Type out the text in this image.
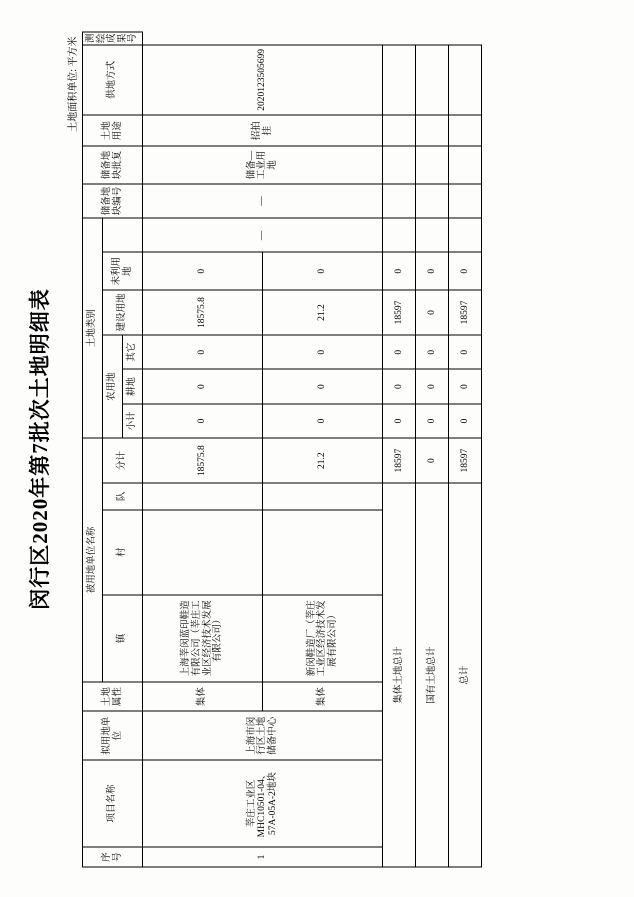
闵行区2020年第7批次土地明细表
土地面积单位: 平方米
序号	项目名称	拟用地单位	土地属性	被用地单位名称				土地类别						储备地块编号	储备地块批复	土地用途	供地方式	测绘成果号
				镇	村	队	分计	农用地			建设用地	未利用地						
								小计	耕地	其它								

1	莘庄工业区 MHC10501-04、57A-05A-2地块	上海市闵行区土地储备中心	集体	上海莘闵蓝印鞋造有限公司（莘庄工业区经济技术发展有限公司）			18575.8	0	0	0	18575.8	0	—	—	储备—工业用地	招拍挂	2020123505699	
			集体	新闵鞋造厂（莘庄工业区经济技术发展有限公司）			21.2	0	0	0	21.2	0						
集体土地总计							18597	0	0	0	18597	0						
国有土地总计							0	0	0	0	0	0						
总计							18597	0	0	0	18597	0						
